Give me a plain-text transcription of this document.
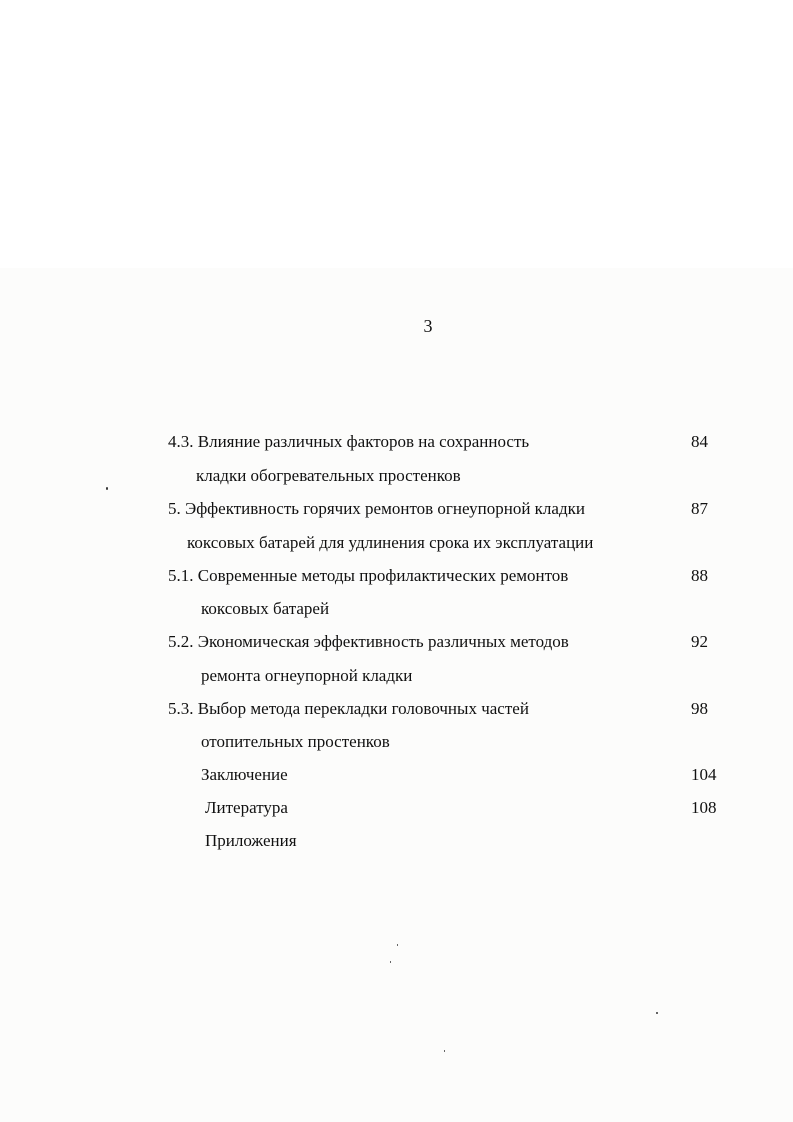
3
4.3. Влияние различных факторов на сохранность
кладки обогревательных простенков
84
5. Эффективность горячих ремонтов огнеупорной кладки
коксовых батарей для удлинения срока их эксплуатации
87
5.1. Современные методы профилактических ремонтов
коксовых батарей
88
5.2. Экономическая эффективность различных методов
ремонта огнеупорной кладки
92
5.3. Выбор метода перекладки головочных частей
отопительных простенков
98
Заключение	104
Литература	108
Приложения
